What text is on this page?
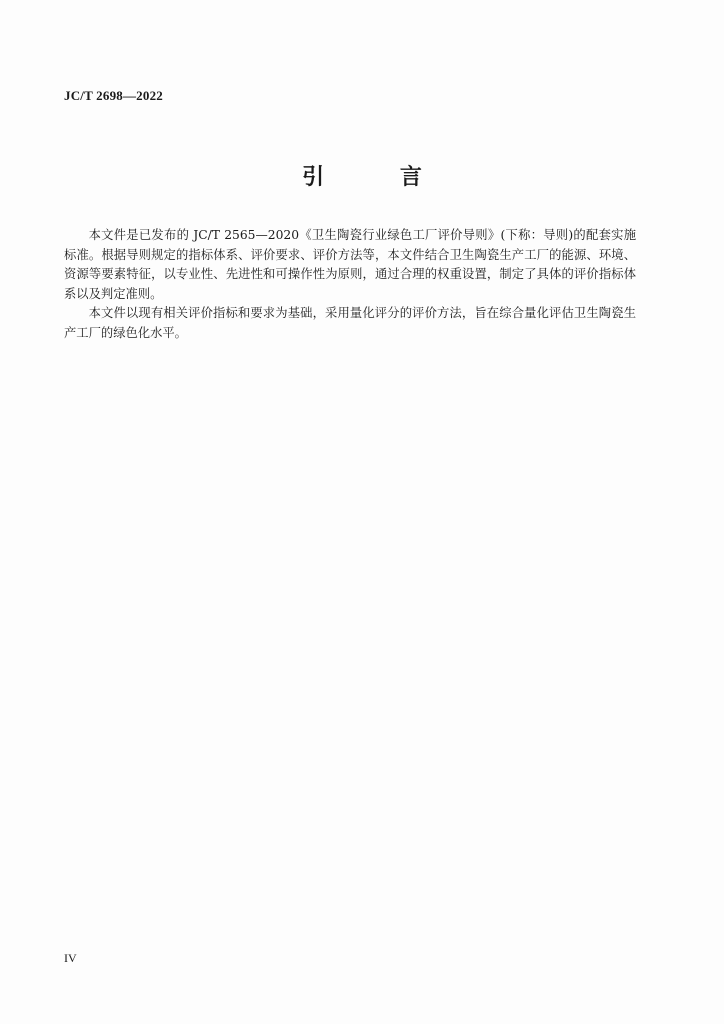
JC/T 2698—2022
引 言

本文件是已发布的 JC/T 2565—2020《卫生陶瓷行业绿色工厂评价导则》(下称：导则)的配套实施标准。根据导则规定的指标体系、评价要求、评价方法等，本文件结合卫生陶瓷生产工厂的能源、环境、资源等要素特征，以专业性、先进性和可操作性为原则，通过合理的权重设置，制定了具体的评价指标体系以及判定准则。

本文件以现有相关评价指标和要求为基础，采用量化评分的评价方法，旨在综合量化评估卫生陶瓷生产工厂的绿色化水平。

IV
